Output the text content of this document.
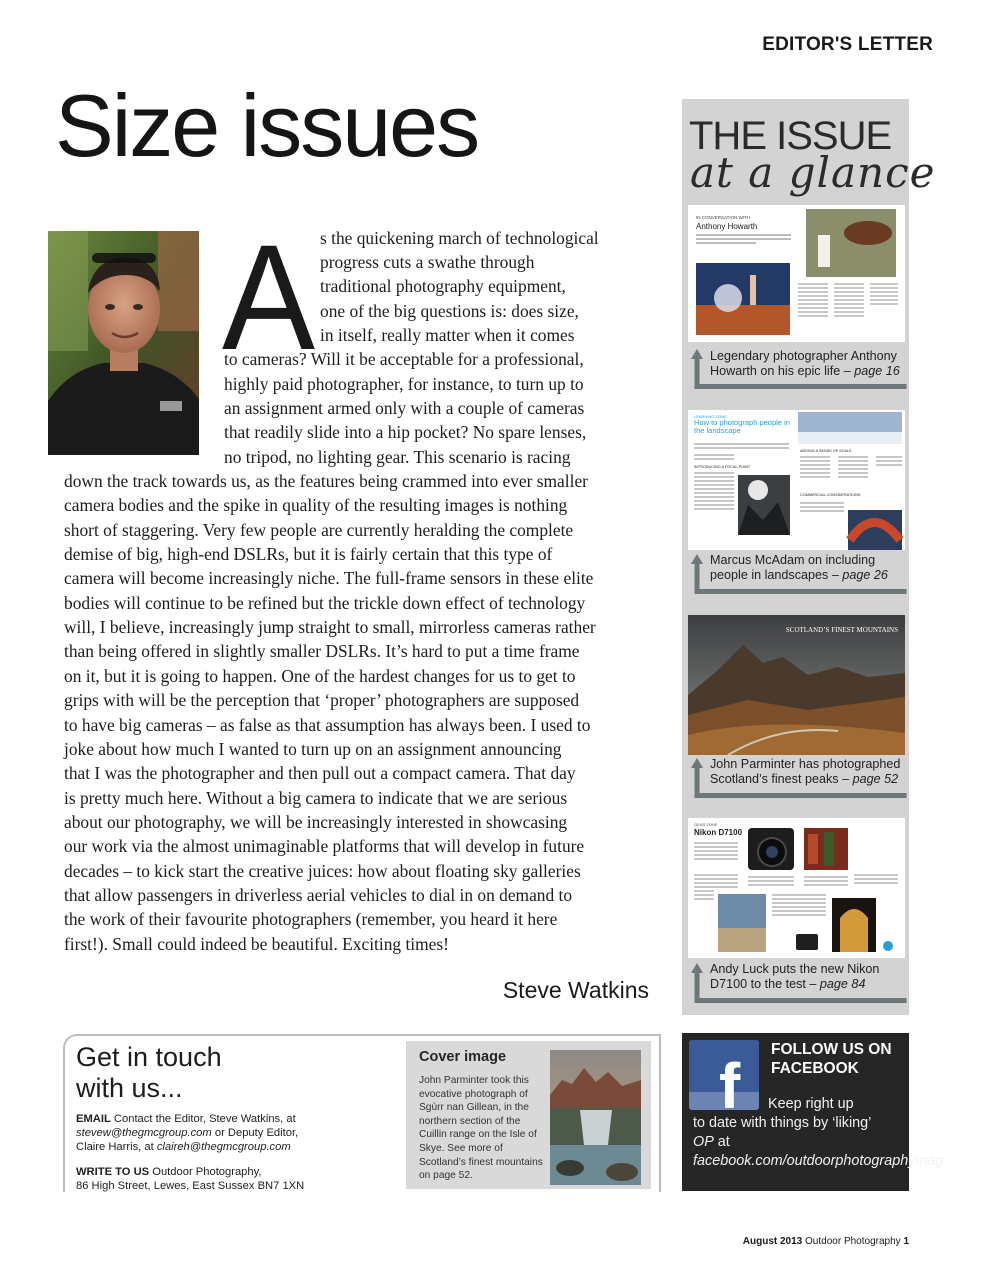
EDITOR'S LETTER
Size issues
A s the quickening march of technological
progress cuts a swathe through
traditional photography equipment,
one of the big questions is: does size,
in itself, really matter when it comes
to cameras? Will it be acceptable for a professional,
highly paid photographer, for instance, to turn up to
an assignment armed only with a couple of cameras
that readily slide into a hip pocket? No spare lenses,
no tripod, no lighting gear. This scenario is racing
down the track towards us, as the features being crammed into ever smaller
camera bodies and the spike in quality of the resulting images is nothing
short of staggering. Very few people are currently heralding the complete
demise of big, high-end DSLRs, but it is fairly certain that this type of
camera will become increasingly niche. The full-frame sensors in these elite
bodies will continue to be refined but the trickle down effect of technology
will, I believe, increasingly jump straight to small, mirrorless cameras rather
than being offered in slightly smaller DSLRs. It’s hard to put a time frame
on it, but it is going to happen. One of the hardest changes for us to get to
grips with will be the perception that ‘proper’ photographers are supposed
to have big cameras – as false as that assumption has always been. I used to
joke about how much I wanted to turn up on an assignment announcing
that I was the photographer and then pull out a compact camera. That day
is pretty much here. Without a big camera to indicate that we are serious
about our photography, we will be increasingly interested in showcasing
our work via the almost unimaginable platforms that will develop in future
decades – to kick start the creative juices: how about floating sky galleries
that allow passengers in driverless aerial vehicles to dial in on demand to
the work of their favourite photographers (remember, you heard it here
first!). Small could indeed be beautiful. Exciting times!
Steve Watkins
THE ISSUE
at a glance
IN CONVERSATION WITH
Anthony Howarth
Legendary photographer Anthony Howarth on his epic life – page 16
LEARNING ZONE
How to photograph people in the landscape
ADDING A SENSE OF SCALE
INTRODUCING A FOCAL POINT
COMMERCIAL CONSIDERATIONS
Marcus McAdam on including people in landscapes – page 26
SCOTLAND’S FINEST MOUNTAINS
John Parminter has photographed Scotland’s finest peaks – page 52
GEAR ZONE
Nikon D7100
Andy Luck puts the new Nikon D7100 to the test – page 84
Get in touch
with us...
EMAIL Contact the Editor, Steve Watkins, at
stevew@thegmcgroup.com or Deputy Editor,
Claire Harris, at claireh@thegmcgroup.com
WRITE TO US Outdoor Photography,
86 High Street, Lewes, East Sussex BN7 1XN
Cover image
John Parminter took this evocative photograph of Sgùrr nan Gillean, in the northern section of the Cuillin range on the Isle of Skye. See more of Scotland’s finest mountains on page 52.
f
FOLLOW US ON
FACEBOOK
Keep right up
to date with things by ‘liking’
OP at facebook.com/outdoorphotographymag
August 2013 Outdoor Photography 1
